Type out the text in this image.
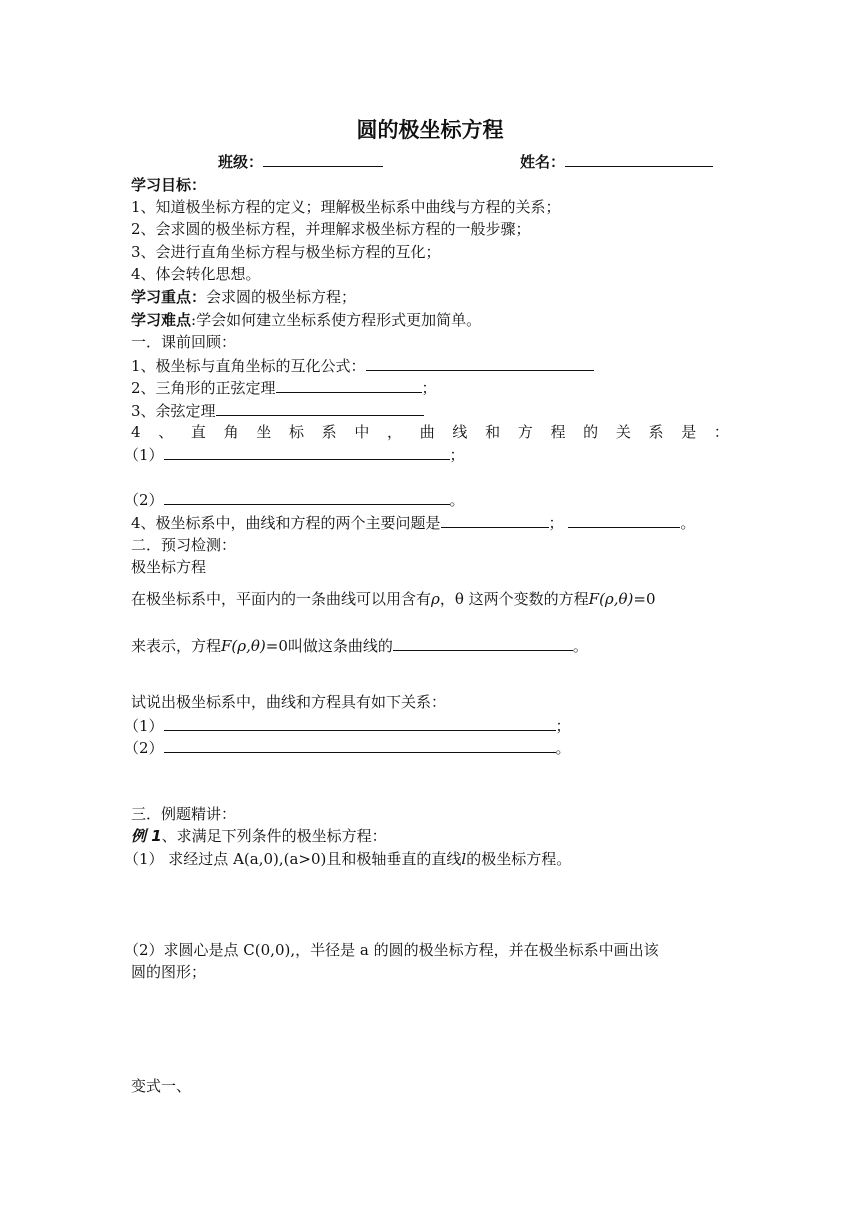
圆的极坐标方程
班级：	姓名：
学习目标：
1、知道极坐标方程的定义；理解极坐标系中曲线与方程的关系；
2、会求圆的极坐标方程，并理解求极坐标方程的一般步骤；
3、会进行直角坐标方程与极坐标方程的互化；
4、体会转化思想。
学习重点：会求圆的极坐标方程；
学习难点:学会如何建立坐标系使方程形式更加简单。
一．课前回顾：
1、极坐标与直角坐标的互化公式：
2、三角形的正弦定理	；
3、余弦定理
4 、 直 角 坐 标 系 中 ， 曲 线 和 方 程 的 关 系 是 ：
（1）	；
（2）	。
4、极坐标系中，曲线和方程的两个主要问题是	；	。
二．预习检测：
极坐标方程
在极坐标系中，平面内的一条曲线可以用含有ρ，θ 这两个变数的方程F(ρ,θ)=0
来表示，方程F(ρ,θ)=0叫做这条曲线的	。
试说出极坐标系中，曲线和方程具有如下关系：
（1）	；
（2）	。
三．例题精讲：
例 1、求满足下列条件的极坐标方程：
（1） 求经过点 A(a,0),(a>0)且和极轴垂直的直线l的极坐标方程。
（2）求圆心是点 C(0,0),，半径是 a 的圆的极坐标方程，并在极坐标系中画出该
圆的图形；
变式一、
